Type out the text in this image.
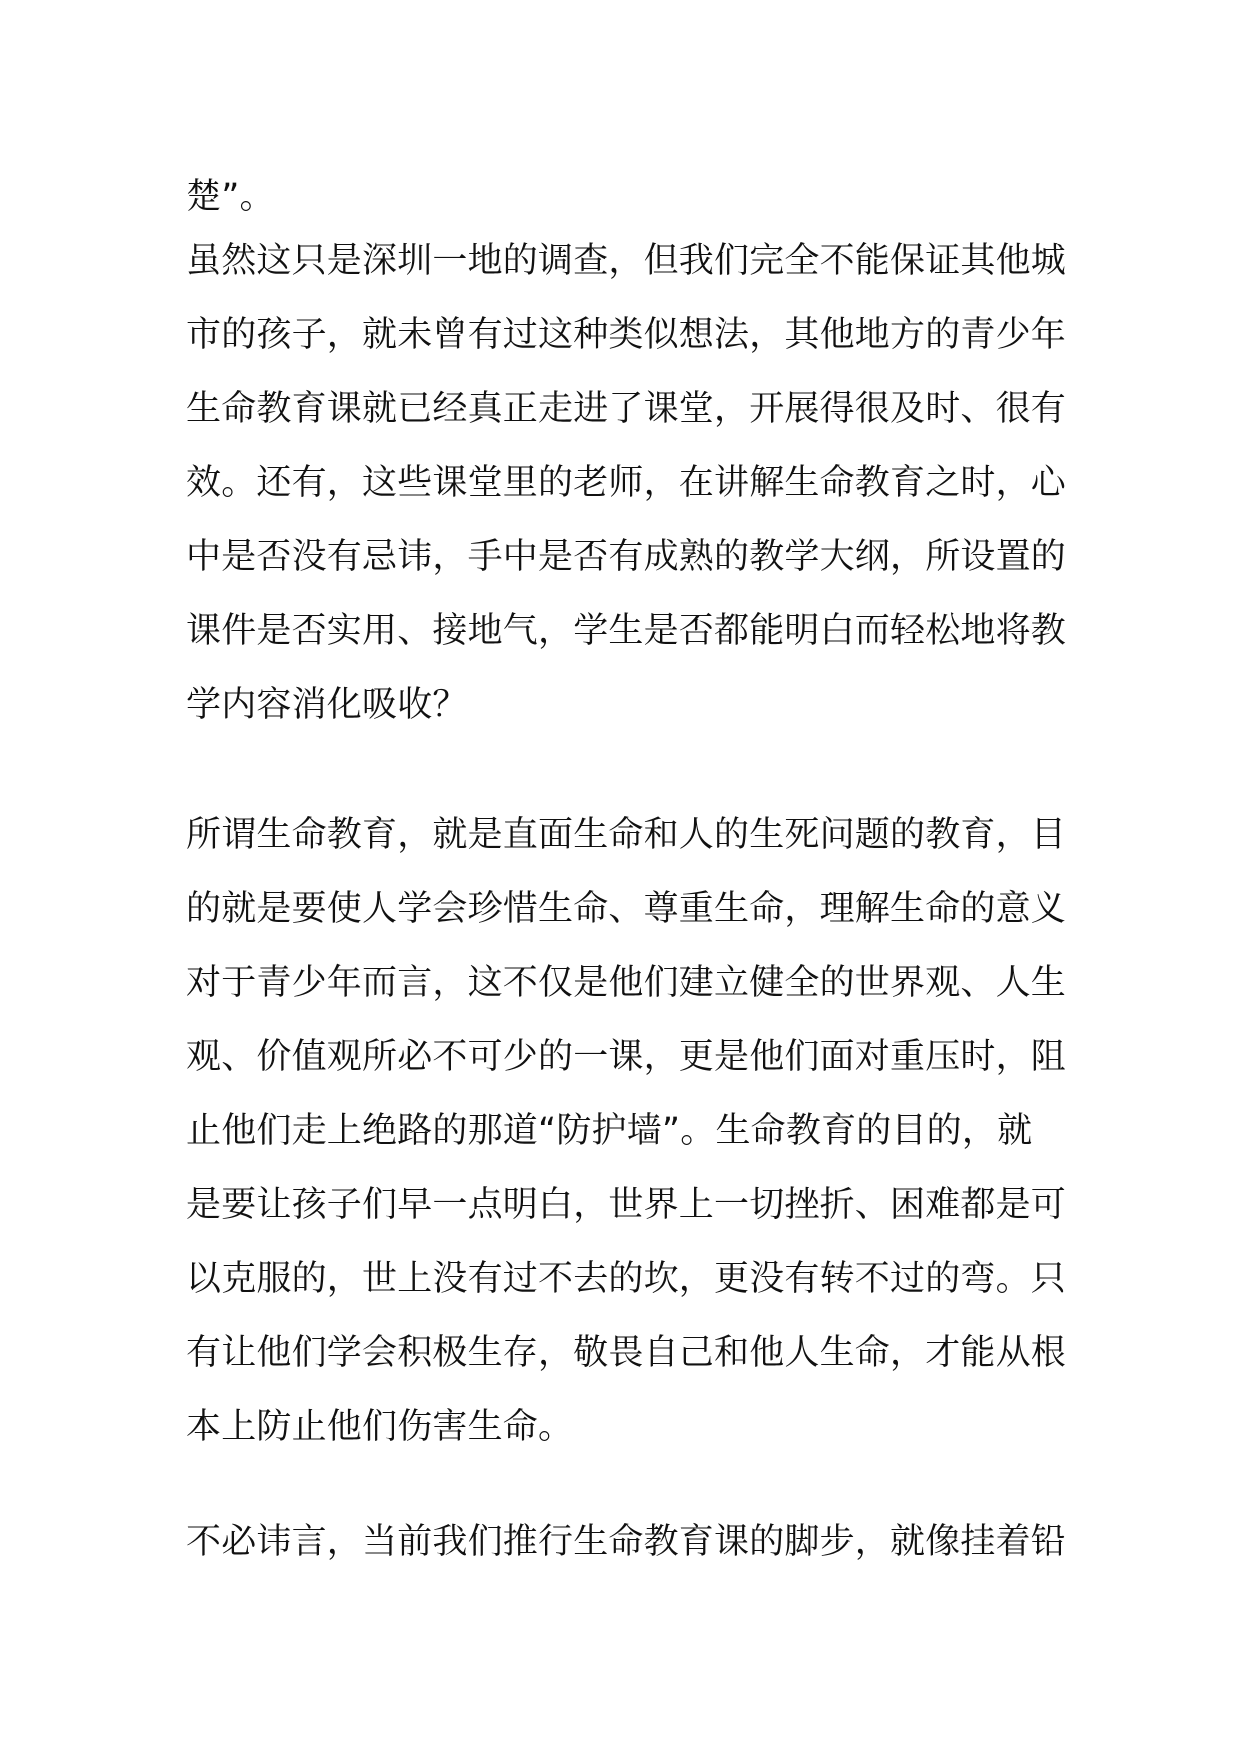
楚”。
虽然这只是深圳一地的调查，但我们完全不能保证其他城
市的孩子，就未曾有过这种类似想法，其他地方的青少年
生命教育课就已经真正走进了课堂，开展得很及时、很有
效。还有，这些课堂里的老师，在讲解生命教育之时，心
中是否没有忌讳，手中是否有成熟的教学大纲，所设置的
课件是否实用、接地气，学生是否都能明白而轻松地将教
学内容消化吸收？
所谓生命教育，就是直面生命和人的生死问题的教育，目
的就是要使人学会珍惜生命、尊重生命，理解生命的意义
对于青少年而言，这不仅是他们建立健全的世界观、人生
观、价值观所必不可少的一课，更是他们面对重压时，阻
止他们走上绝路的那道“防护墙”。生命教育的目的，就
是要让孩子们早一点明白，世界上一切挫折、困难都是可
以克服的，世上没有过不去的坎，更没有转不过的弯。只
有让他们学会积极生存，敬畏自己和他人生命，才能从根
本上防止他们伤害生命。
不必讳言，当前我们推行生命教育课的脚步，就像挂着铅
